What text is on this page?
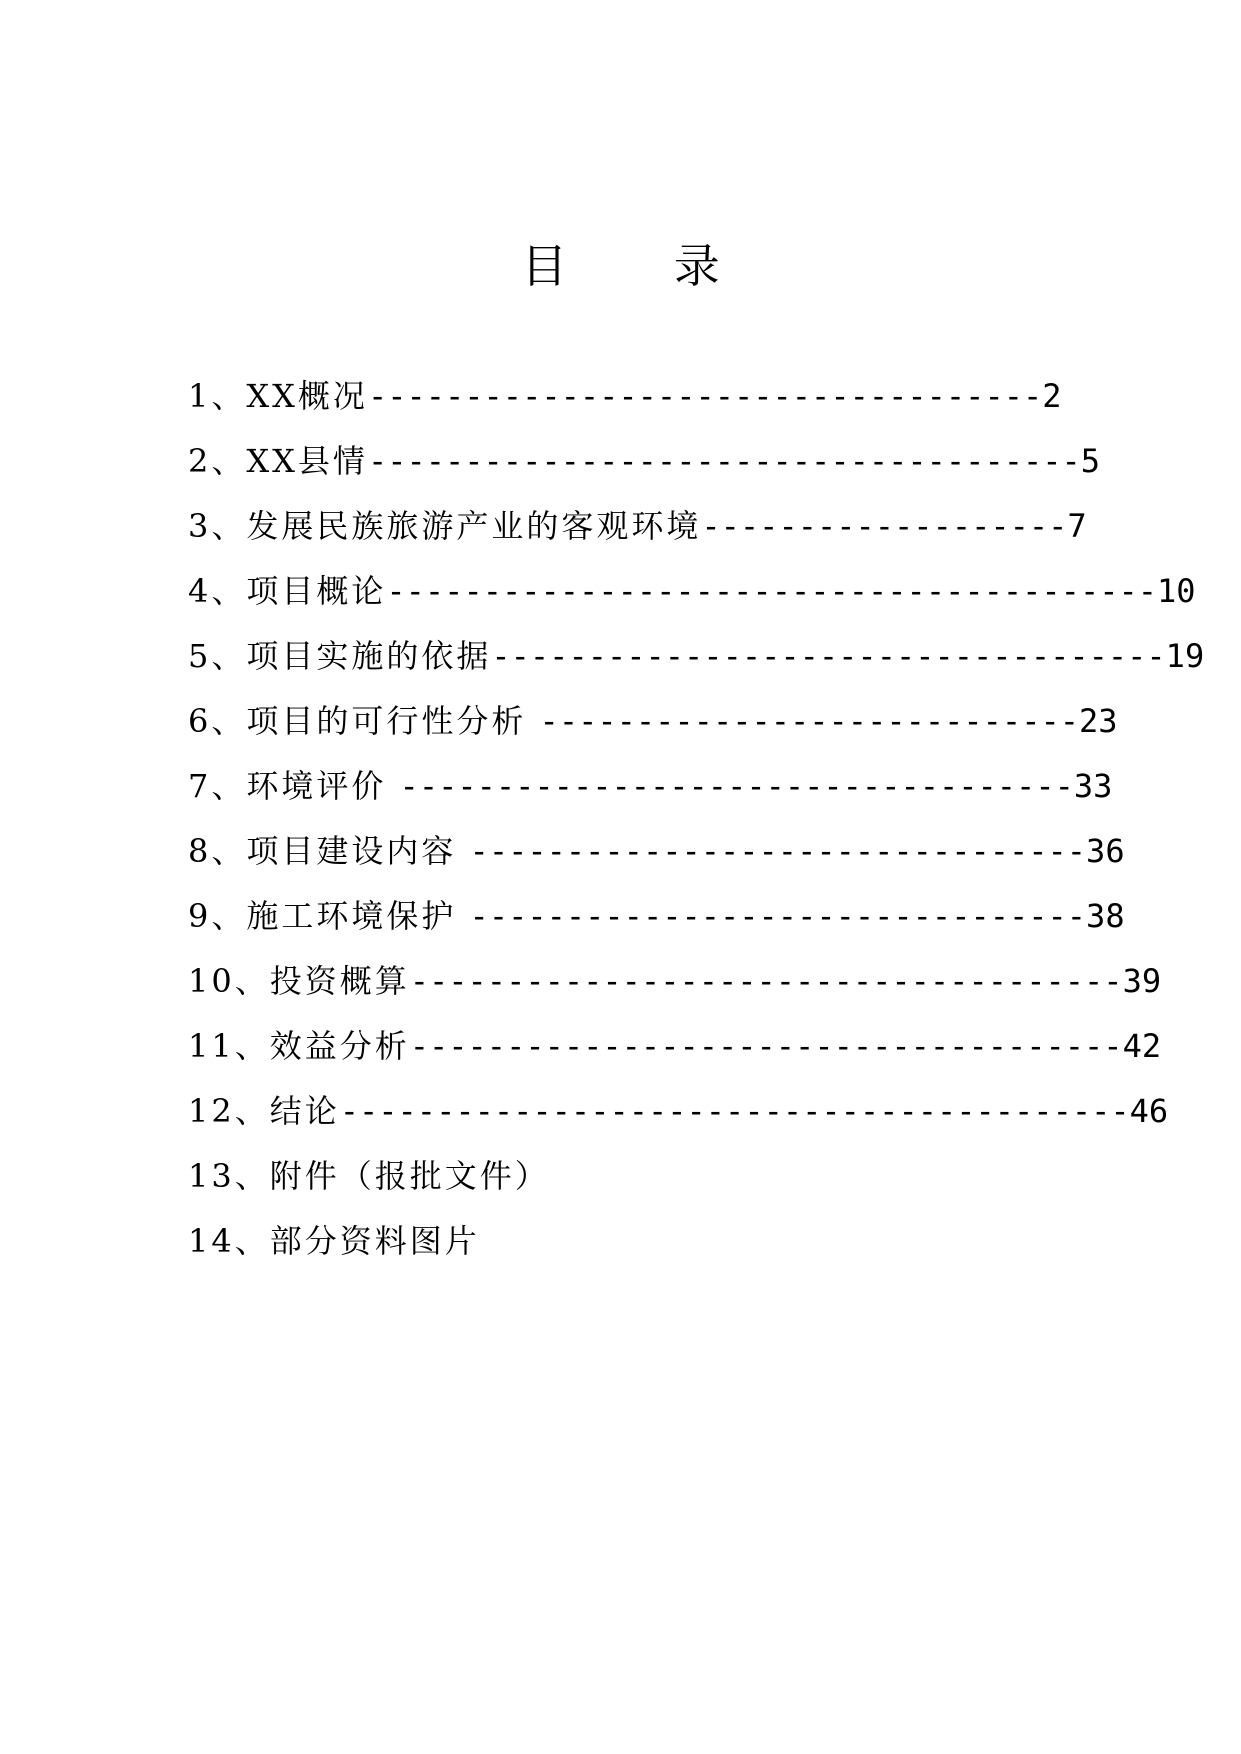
目 录
1、XX概况-----------------------------------2
2、XX县情-------------------------------------5
3、发展民族旅游产业的客观环境-------------------7
4、项目概论----------------------------------------10
5、项目实施的依据-----------------------------------19
6、项目的可行性分析 ----------------------------23
7、环境评价 -----------------------------------33
8、项目建设内容 --------------------------------36
9、施工环境保护 --------------------------------38
10、投资概算-------------------------------------39
11、效益分析-------------------------------------42
12、结论-----------------------------------------46
13、附件（报批文件）
14、部分资料图片
